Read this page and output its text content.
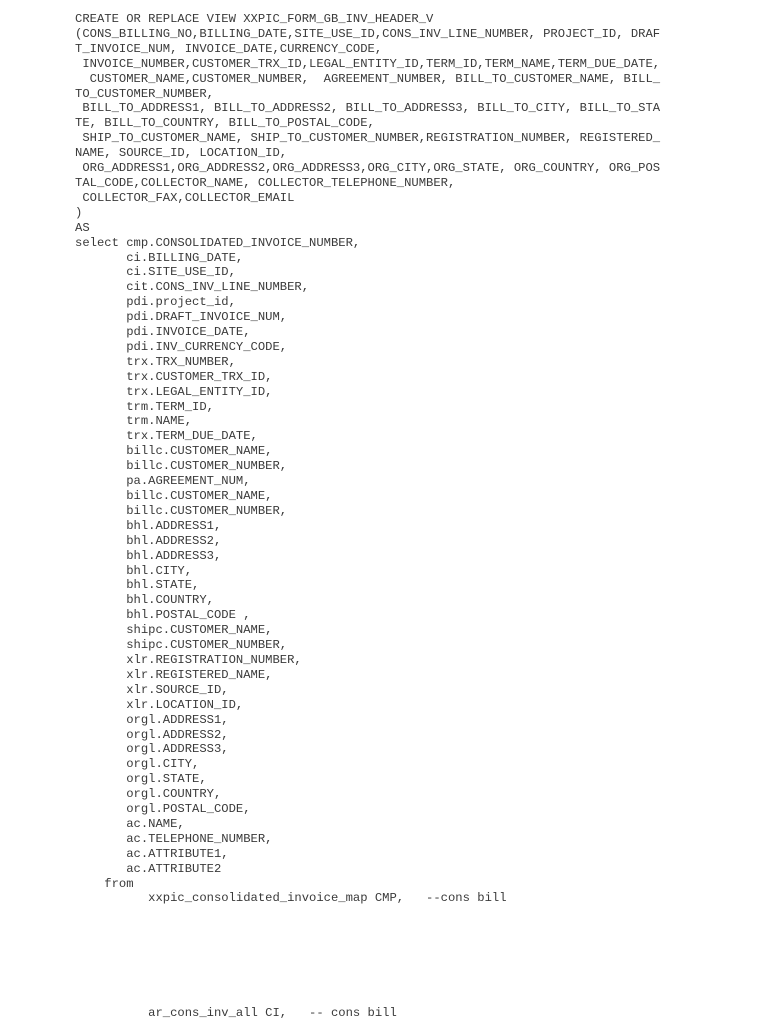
CREATE OR REPLACE VIEW XXPIC_FORM_GB_INV_HEADER_V
(CONS_BILLING_NO,BILLING_DATE,SITE_USE_ID,CONS_INV_LINE_NUMBER, PROJECT_ID, DRAF
T_INVOICE_NUM, INVOICE_DATE,CURRENCY_CODE,
INVOICE_NUMBER,CUSTOMER_TRX_ID,LEGAL_ENTITY_ID,TERM_ID,TERM_NAME,TERM_DUE_DATE,
CUSTOMER_NAME,CUSTOMER_NUMBER,  AGREEMENT_NUMBER, BILL_TO_CUSTOMER_NAME, BILL_
TO_CUSTOMER_NUMBER,
BILL_TO_ADDRESS1, BILL_TO_ADDRESS2, BILL_TO_ADDRESS3, BILL_TO_CITY, BILL_TO_STA
TE, BILL_TO_COUNTRY, BILL_TO_POSTAL_CODE,
SHIP_TO_CUSTOMER_NAME, SHIP_TO_CUSTOMER_NUMBER,REGISTRATION_NUMBER, REGISTERED_
NAME, SOURCE_ID, LOCATION_ID,
ORG_ADDRESS1,ORG_ADDRESS2,ORG_ADDRESS3,ORG_CITY,ORG_STATE, ORG_COUNTRY, ORG_POS
TAL_CODE,COLLECTOR_NAME, COLLECTOR_TELEPHONE_NUMBER,
COLLECTOR_FAX,COLLECTOR_EMAIL
)
AS
select cmp.CONSOLIDATED_INVOICE_NUMBER,
ci.BILLING_DATE,
ci.SITE_USE_ID,
cit.CONS_INV_LINE_NUMBER,
pdi.project_id,
pdi.DRAFT_INVOICE_NUM,
pdi.INVOICE_DATE,
pdi.INV_CURRENCY_CODE,
trx.TRX_NUMBER,
trx.CUSTOMER_TRX_ID,
trx.LEGAL_ENTITY_ID,
trm.TERM_ID,
trm.NAME,
trx.TERM_DUE_DATE,
billc.CUSTOMER_NAME,
billc.CUSTOMER_NUMBER,
pa.AGREEMENT_NUM,
billc.CUSTOMER_NAME,
billc.CUSTOMER_NUMBER,
bhl.ADDRESS1,
bhl.ADDRESS2,
bhl.ADDRESS3,
bhl.CITY,
bhl.STATE,
bhl.COUNTRY,
bhl.POSTAL_CODE ,
shipc.CUSTOMER_NAME,
shipc.CUSTOMER_NUMBER,
xlr.REGISTRATION_NUMBER,
xlr.REGISTERED_NAME,
xlr.SOURCE_ID,
xlr.LOCATION_ID,
orgl.ADDRESS1,
orgl.ADDRESS2,
orgl.ADDRESS3,
orgl.CITY,
orgl.STATE,
orgl.COUNTRY,
orgl.POSTAL_CODE,
ac.NAME,
ac.TELEPHONE_NUMBER,
ac.ATTRIBUTE1,
ac.ATTRIBUTE2
from
xxpic_consolidated_invoice_map CMP,   --cons bill

ar_cons_inv_all CI,   -- cons bill
